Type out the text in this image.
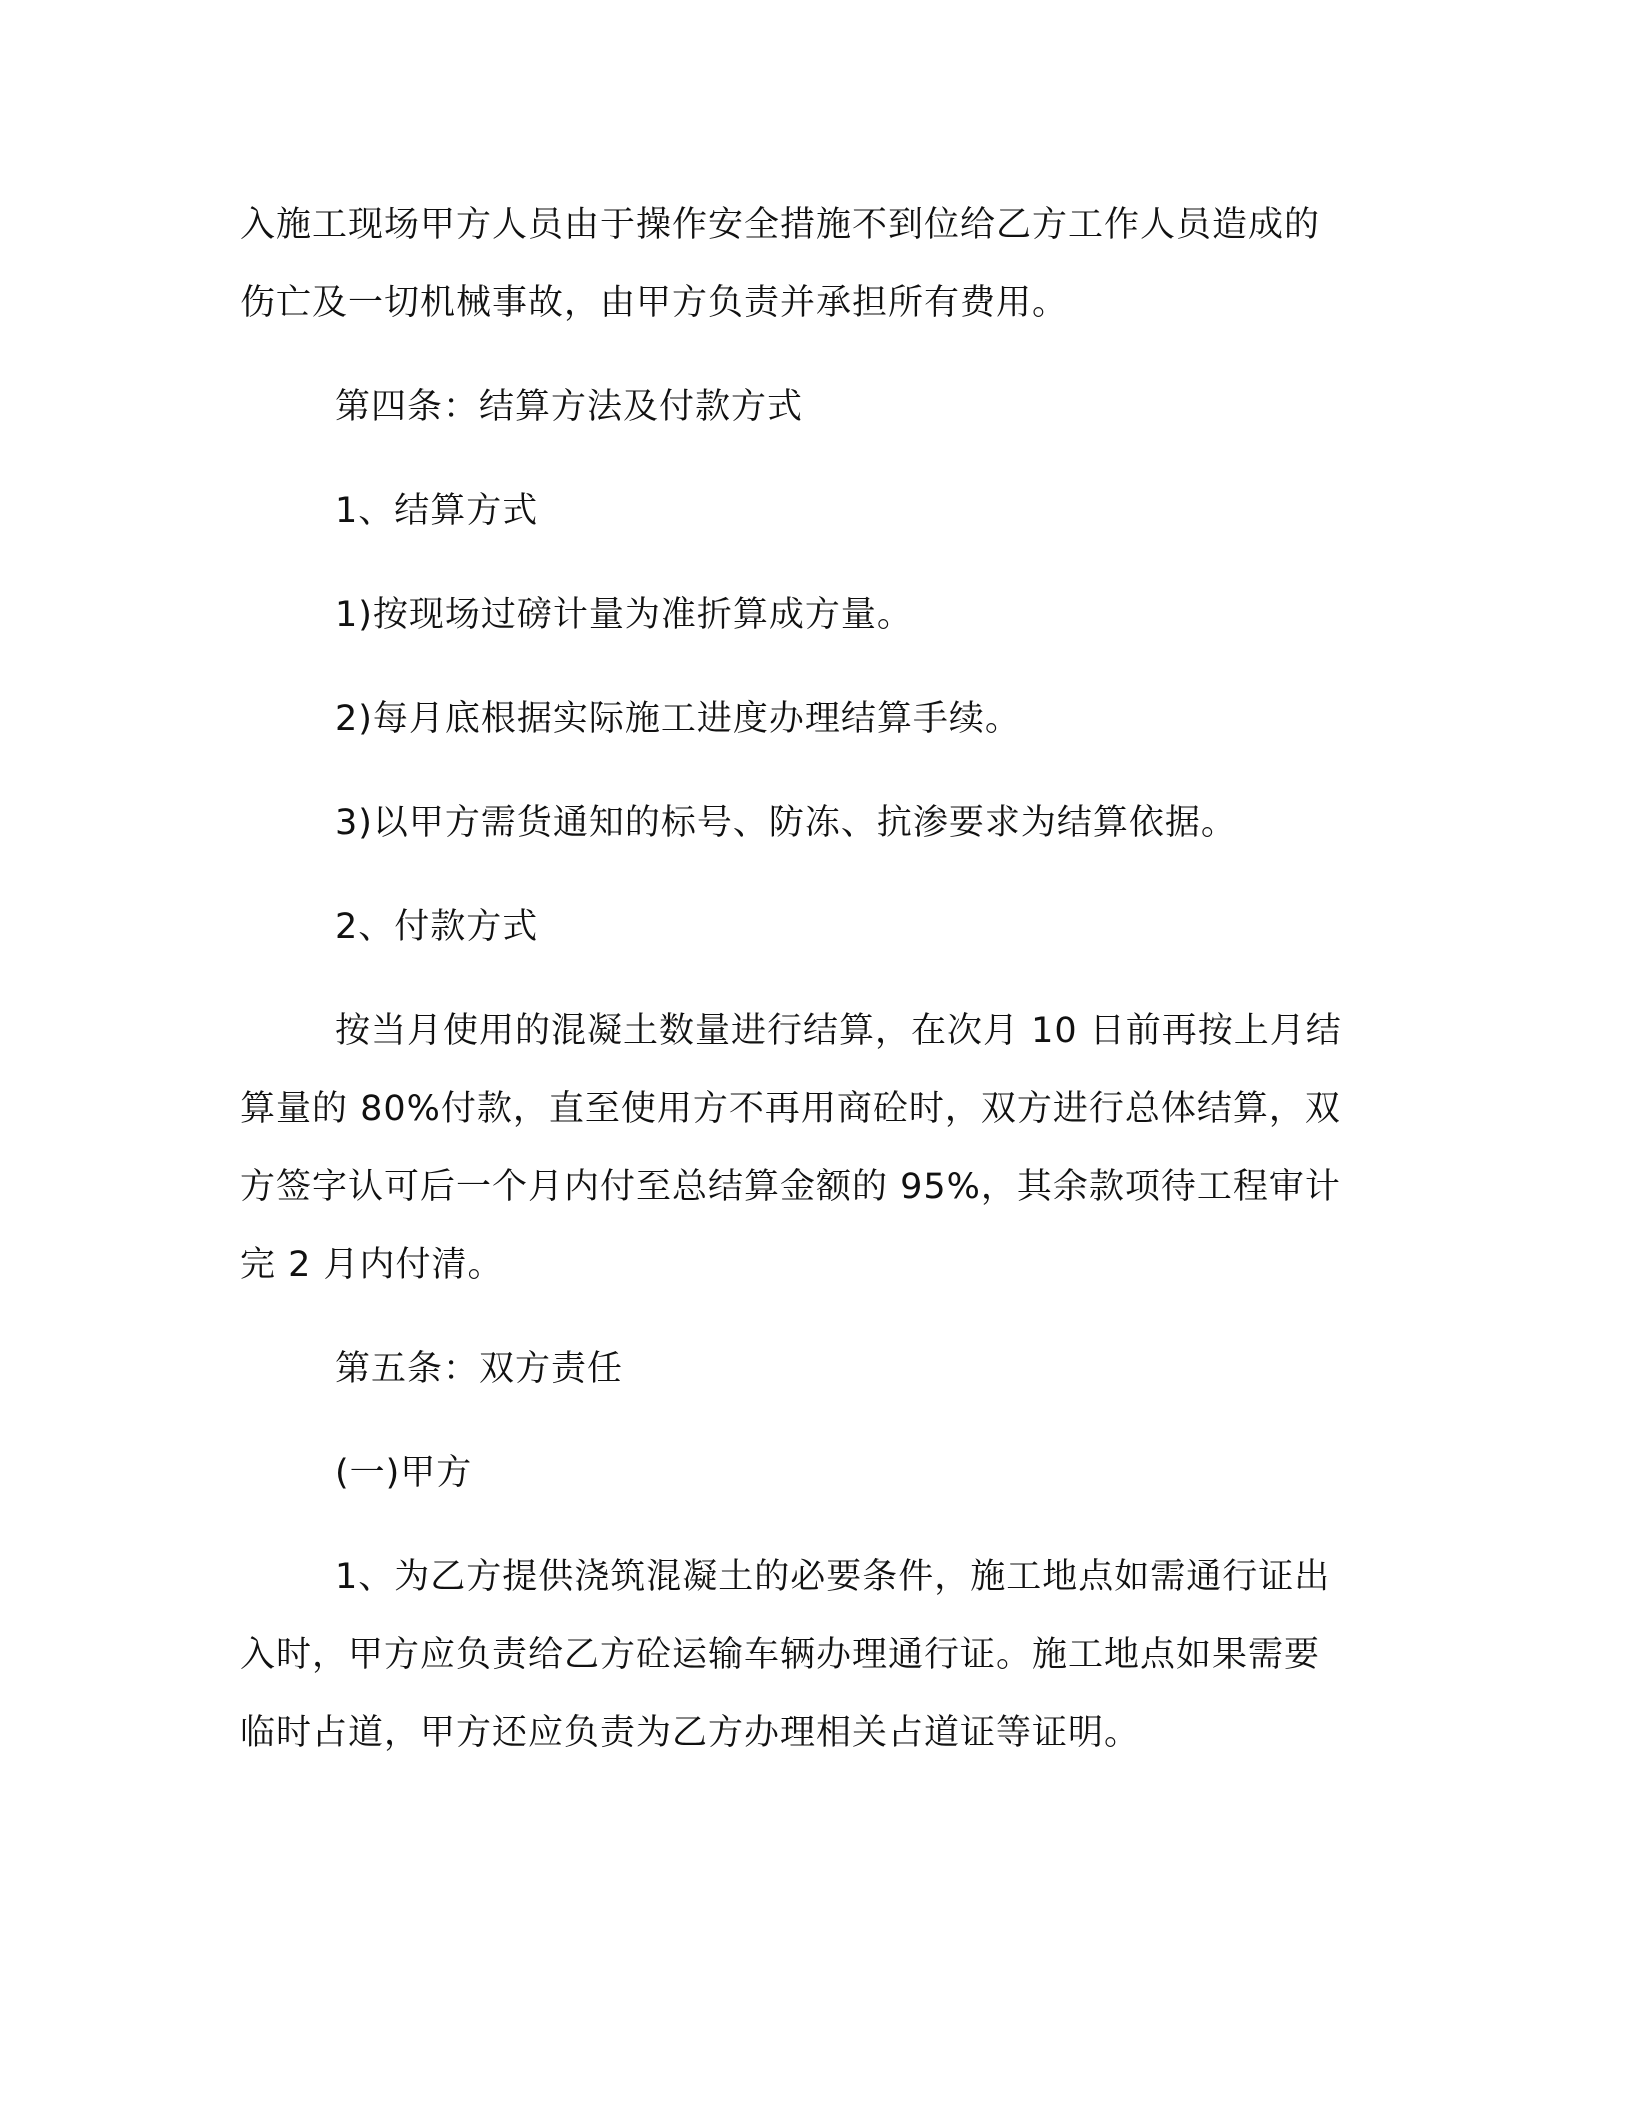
入施工现场甲方人员由于操作安全措施不到位给乙方工作人员造成的

伤亡及一切机械事故，由甲方负责并承担所有费用。

第四条：结算方法及付款方式

1、结算方式

1)按现场过磅计量为准折算成方量。

2)每月底根据实际施工进度办理结算手续。

3)以甲方需货通知的标号、防冻、抗渗要求为结算依据。

2、付款方式

按当月使用的混凝土数量进行结算，在次月 10 日前再按上月结

算量的 80%付款，直至使用方不再用商砼时，双方进行总体结算，双

方签字认可后一个月内付至总结算金额的 95%，其余款项待工程审计

完 2 月内付清。

第五条：双方责任

(一)甲方

1、为乙方提供浇筑混凝土的必要条件，施工地点如需通行证出

入时，甲方应负责给乙方砼运输车辆办理通行证。施工地点如果需要

临时占道，甲方还应负责为乙方办理相关占道证等证明。
